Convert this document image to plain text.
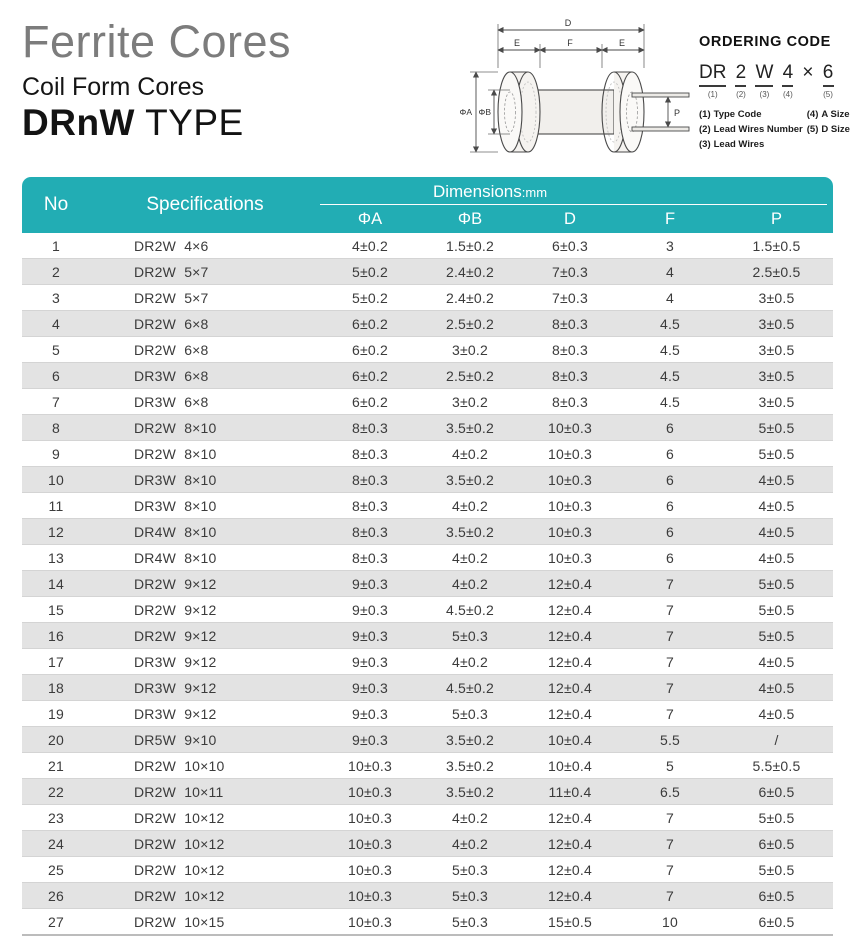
Ferrite Cores
Coil Form Cores
DRnW TYPE
D
E	F	E
ΦA ΦB	P
ORDERING CODE
DR
(1)
2
(2)
W
(3)
4
(4)
× 6
(5)
(1) Type Code
(2) Lead Wires Number
(3) Lead Wires
(4) A Size
(5) D Size
No	Specifications
Dimensions:mm
ΦA	ΦB	D	F	P
1	DR2W  4×6	4±0.2	1.5±0.2	6±0.3	3	1.5±0.5
2	DR2W  5×7	5±0.2	2.4±0.2	7±0.3	4	2.5±0.5
3	DR2W  5×7	5±0.2	2.4±0.2	7±0.3	4	3±0.5
4	DR2W  6×8	6±0.2	2.5±0.2	8±0.3	4.5	3±0.5
5	DR2W  6×8	6±0.2	3±0.2	8±0.3	4.5	3±0.5
6	DR3W  6×8	6±0.2	2.5±0.2	8±0.3	4.5	3±0.5
7	DR3W  6×8	6±0.2	3±0.2	8±0.3	4.5	3±0.5
8	DR2W  8×10	8±0.3	3.5±0.2	10±0.3	6	5±0.5
9	DR2W  8×10	8±0.3	4±0.2	10±0.3	6	5±0.5
10	DR3W  8×10	8±0.3	3.5±0.2	10±0.3	6	4±0.5
11	DR3W  8×10	8±0.3	4±0.2	10±0.3	6	4±0.5
12	DR4W  8×10	8±0.3	3.5±0.2	10±0.3	6	4±0.5
13	DR4W  8×10	8±0.3	4±0.2	10±0.3	6	4±0.5
14	DR2W  9×12	9±0.3	4±0.2	12±0.4	7	5±0.5
15	DR2W  9×12	9±0.3	4.5±0.2	12±0.4	7	5±0.5
16	DR2W  9×12	9±0.3	5±0.3	12±0.4	7	5±0.5
17	DR3W  9×12	9±0.3	4±0.2	12±0.4	7	4±0.5
18	DR3W  9×12	9±0.3	4.5±0.2	12±0.4	7	4±0.5
19	DR3W  9×12	9±0.3	5±0.3	12±0.4	7	4±0.5
20	DR5W  9×10	9±0.3	3.5±0.2	10±0.4	5.5	/
21	DR2W  10×10	10±0.3	3.5±0.2	10±0.4	5	5.5±0.5
22	DR2W  10×11	10±0.3	3.5±0.2	11±0.4	6.5	6±0.5
23	DR2W  10×12	10±0.3	4±0.2	12±0.4	7	5±0.5
24	DR2W  10×12	10±0.3	4±0.2	12±0.4	7	6±0.5
25	DR2W  10×12	10±0.3	5±0.3	12±0.4	7	5±0.5
26	DR2W  10×12	10±0.3	5±0.3	12±0.4	7	6±0.5
27	DR2W  10×15	10±0.3	5±0.3	15±0.5	10	6±0.5
